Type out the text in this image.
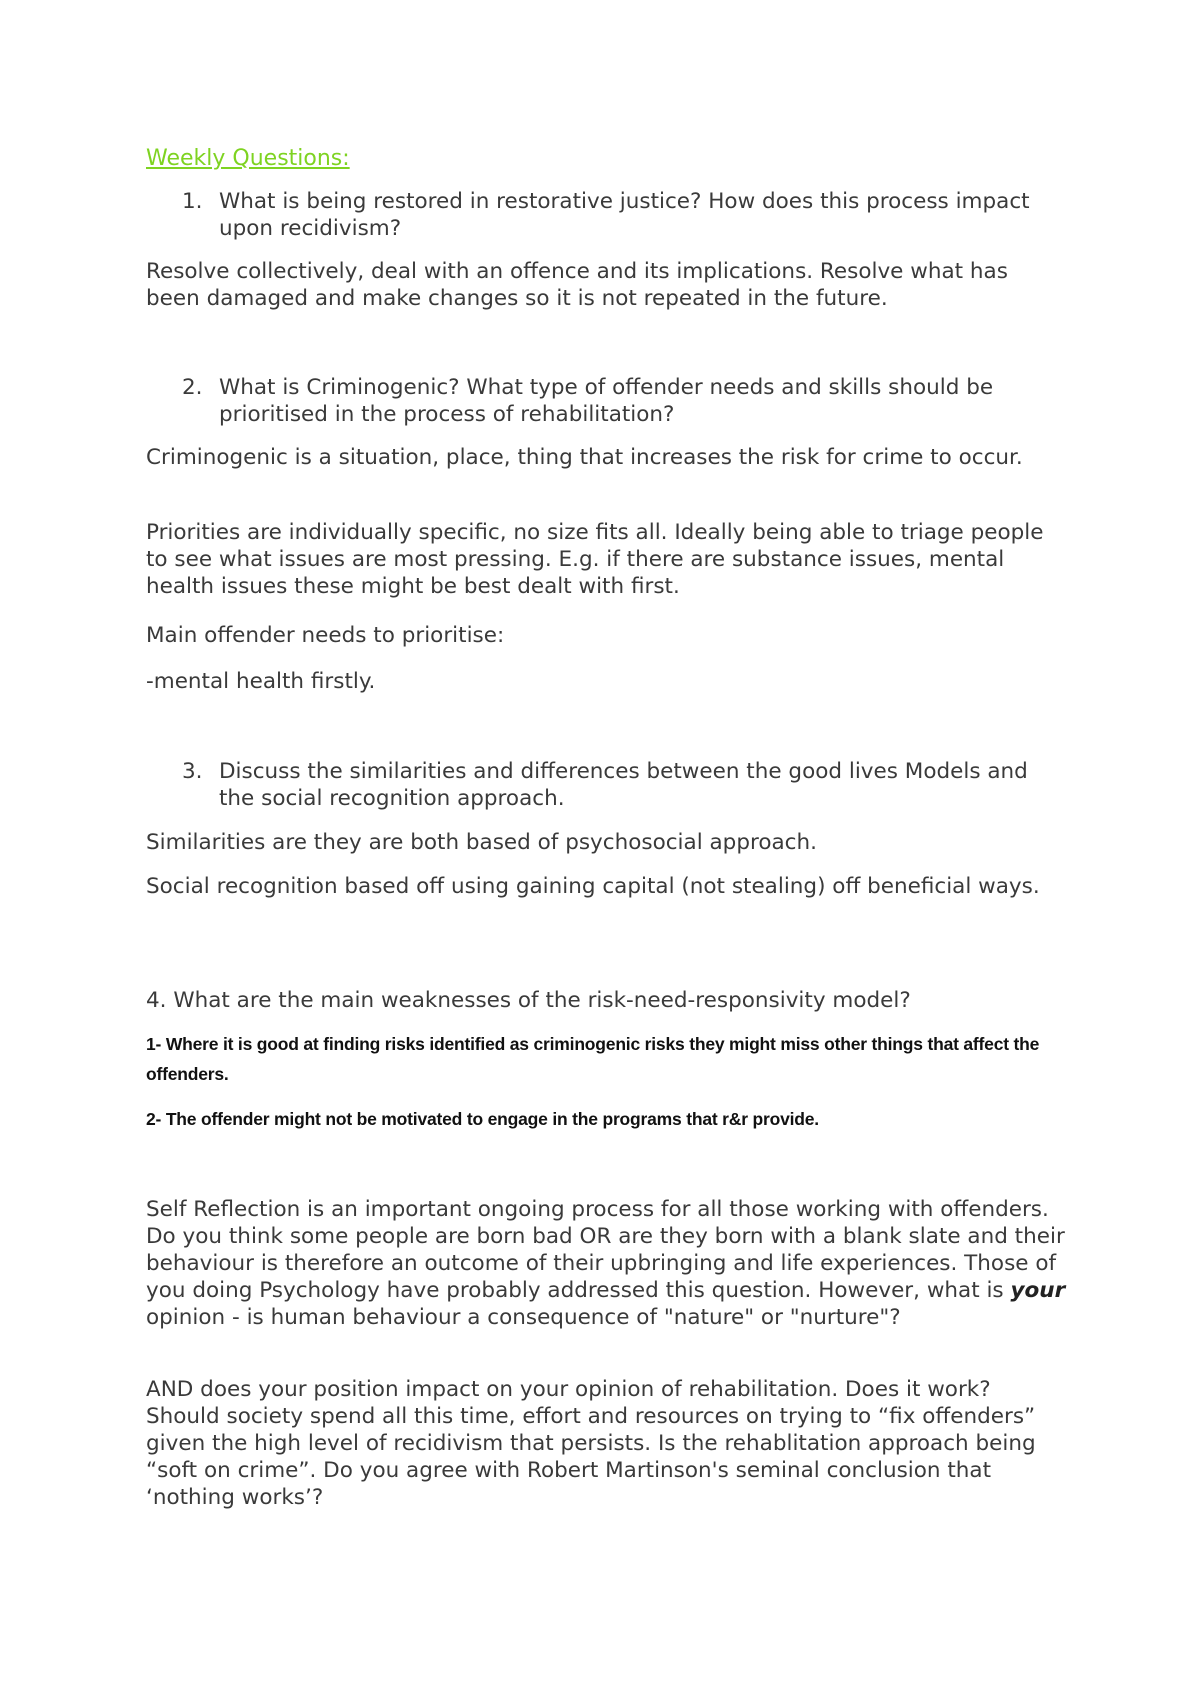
Weekly Questions:

1. What is being restored in restorative justice? How does this process impact upon recidivism?

Resolve collectively, deal with an offence and its implications. Resolve what has been damaged and make changes so it is not repeated in the future.

2. What is Criminogenic? What type of offender needs and skills should be prioritised in the process of rehabilitation?

Criminogenic is a situation, place, thing that increases the risk for crime to occur.

Priorities are individually specific, no size fits all. Ideally being able to triage people to see what issues are most pressing. E.g. if there are substance issues, mental health issues these might be best dealt with first.

Main offender needs to prioritise:

-mental health firstly.

3. Discuss the similarities and differences between the good lives Models and the social recognition approach.

Similarities are they are both based of psychosocial approach.

Social recognition based off using gaining capital (not stealing) off beneficial ways.

4. What are the main weaknesses of the risk-need-responsivity model?

1- Where it is good at finding risks identified as criminogenic risks they might miss other things that affect the offenders.

2- The offender might not be motivated to engage in the programs that r&r provide.

Self Reflection is an important ongoing process for all those working with offenders. Do you think some people are born bad OR are they born with a blank slate and their behaviour is therefore an outcome of their upbringing and life experiences. Those of you doing Psychology have probably addressed this question. However, what is your opinion - is human behaviour a consequence of "nature" or "nurture"?

AND does your position impact on your opinion of rehabilitation. Does it work? Should society spend all this time, effort and resources on trying to “fix offenders” given the high level of recidivism that persists. Is the rehablitation approach being “soft on crime”. Do you agree with Robert Martinson's seminal conclusion that ‘nothing works’?
